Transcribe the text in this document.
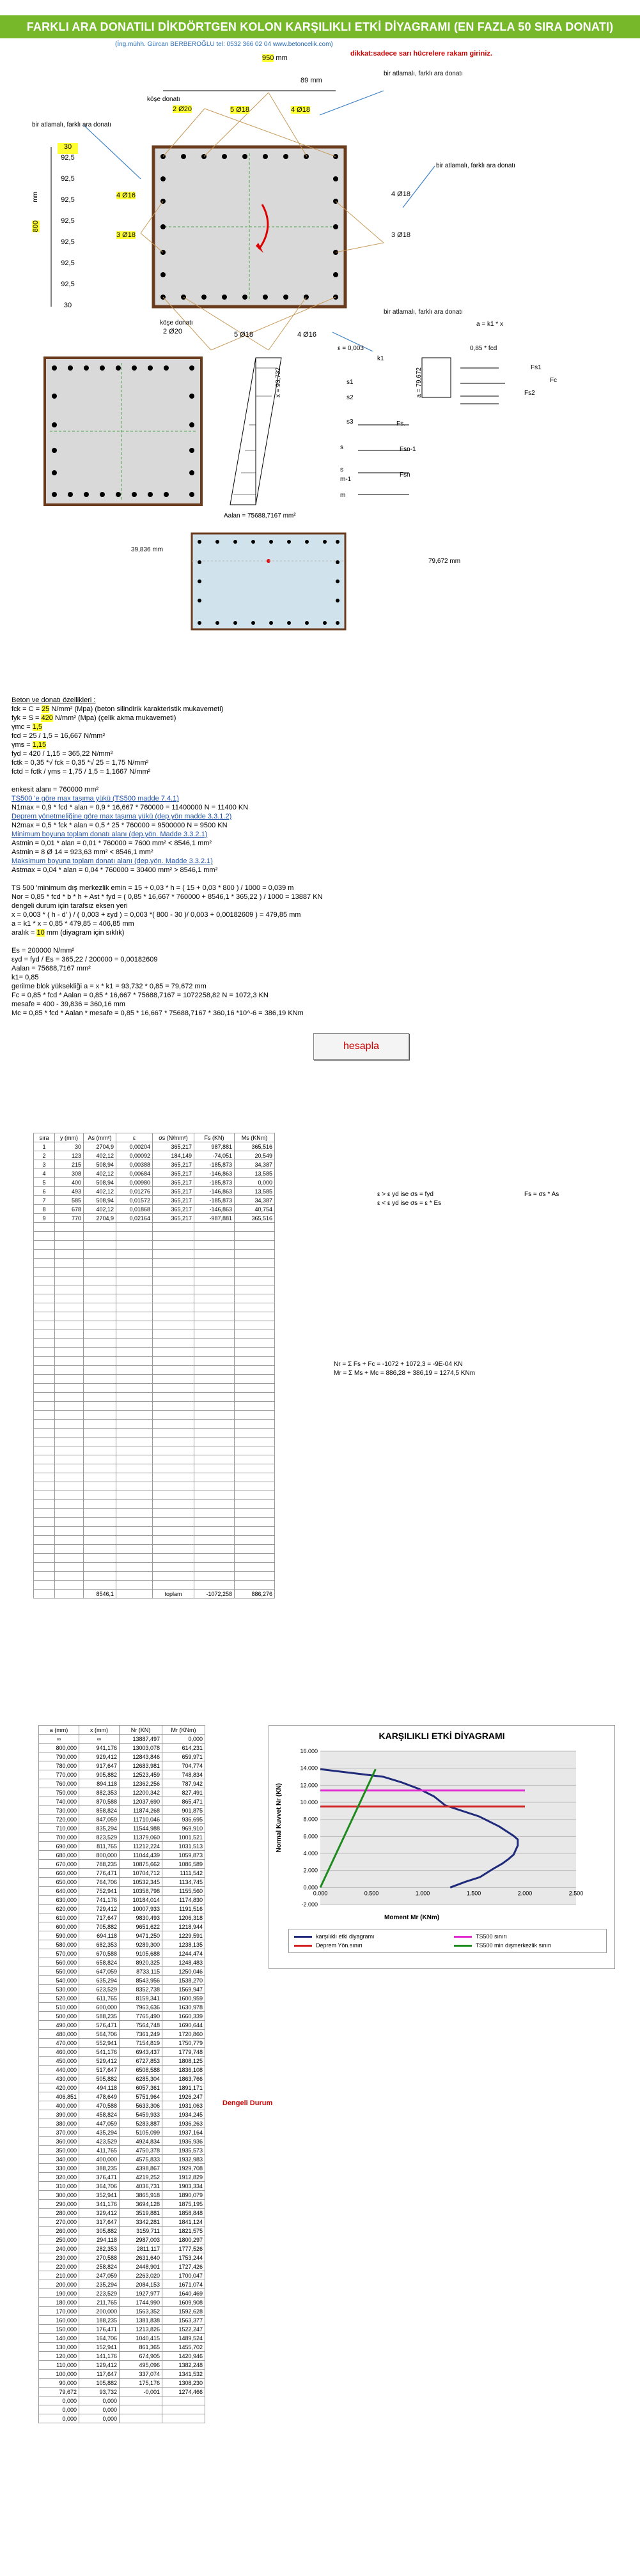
FARKLI ARA DONATILI DİKDÖRTGEN KOLON KARŞILIKLI ETKİ DİYAGRAMI (EN FAZLA 50 SIRA DONATI)
(İng.mühh. Gürcan BERBEROĞLU tel: 0532 366 02 04 www.betoncelik.com)
dikkat:sadece sarı hücrelere rakam giriniz.
950 mm
89 mm
köşe donatı
2 Ø20	5 Ø18	4 Ø18
bir atlamalı, farklı ara donatı
bir atlamalı, farklı ara donatı
bir atlamalı, farklı ara donatı
4 Ø16
3 Ø18
4 Ø18
3 Ø18
köşe donatı
2 Ø20	5 Ø18	4 Ø16
bir atlamalı, farklı ara donatı
800
mm
30
92,5
92,5
92,5
92,5
92,5
92,5
92,5
30
a = k1 * x
ε = 0,003
k1
0,85 * fcd
x = 93,732	a = 79,672
s1
s2
s3
s
s
m-1
m
Fs1
Fs2
Fs.
Fsn-1
Fsn
Fc
Aalan = 75688,7167 mm²
39,836 mm
79,672 mm
Beton ve donatı özellikleri :
fck = C = 25 N/mm² (Mpa) (beton silindirik karakteristik mukavemeti)
fyk = S = 420 N/mm² (Mpa) (çelik akma mukavemeti)
γmc = 1,5
fcd = 25 / 1,5 = 16,667 N/mm²
γms = 1,15
fyd = 420 / 1,15 = 365,22 N/mm²
fctk = 0,35 *√ fck = 0,35 *√ 25 = 1,75 N/mm²
fctd = fctk / γms = 1,75 / 1,5 = 1,1667 N/mm²
enkesit alanı = 760000 mm²
TS500 'e göre max taşıma yükü (TS500 madde 7.4.1)
N1max = 0,9 * fcd * alan = 0,9 * 16,667 * 760000 = 11400000 N = 11400 KN
Deprem yönetmeliğine göre max taşıma yükü (dep.yön madde 3.3.1.2)
N2max = 0,5 * fck * alan = 0,5 * 25 * 760000 = 9500000 N = 9500 KN
Minimum boyuna toplam donatı alanı (dep.yön. Madde 3.3.2.1)
Astmin = 0,01 * alan = 0,01 * 760000 = 7600 mm² < 8546,1 mm²
Astmin = 8 Ø 14 = 923,63 mm² < 8546,1 mm²
Maksimum boyuna toplam donatı alanı (dep.yön. Madde 3.3.2.1)
Astmax = 0,04 * alan = 0,04 * 760000 = 30400 mm² > 8546,1 mm²
TS 500 'minimum dış merkezlik emin = 15 + 0,03 * h = ( 15 + 0,03 * 800 ) / 1000 = 0,039 m
Nor = 0,85 * fcd * b * h + Ast * fyd = ( 0,85 * 16,667 * 760000 + 8546,1 * 365,22 ) / 1000 = 13887 KN
dengeli durum için tarafsız eksen yeri
x = 0,003 * ( h - d' ) / ( 0,003 + εyd ) = 0,003 *( 800 - 30 )/ 0,003 + 0,00182609 ) = 479,85 mm
a = k1 * x = 0,85 * 479,85 = 406,85 mm
aralık = 10 mm (diyagram için sıklık)
Es = 200000 N/mm²
εyd = fyd / Es = 365,22 / 200000 = 0,00182609
Aalan = 75688,7167 mm²
k1= 0,85
gerilme blok yüksekliği a = x * k1 = 93,732 * 0,85 = 79,672 mm
Fc = 0,85 * fcd * Aalan = 0,85 * 16,667 * 75688,7167 = 1072258,82 N = 1072,3 KN
mesafe = 400 - 39,836 = 360,16 mm
Mc = 0,85 * fcd * Aalan * mesafe = 0,85 * 16,667 * 75688,7167 * 360,16 *10^-6 = 386,19 KNm
hesapla
sıra	y (mm)	As (mm²)	ε	σs (N/mm²)	Fs (KN)	Ms (KNm)
1	30	2704,9	0,00204	365,217	987,881	365,516
2	123	402,12	0,00092	184,149	-74,051	20,549
3	215	508,94	0,00388	365,217	-185,873	34,387
4	308	402,12	0,00684	365,217	-146,863	13,585
5	400	508,94	0,00980	365,217	-185,873	0,000
6	493	402,12	0,01276	365,217	-146,863	13,585
7	585	508,94	0,01572	365,217	-185,873	34,387
8	678	402,12	0,01868	365,217	-146,863	40,754
9	770	2704,9	0,02164	365,217	-987,881	365,516

		8546,1		toplam	-1072,258	886,276
ε > ε yd ise σs = fyd
ε < ε yd ise σs = ε * Es
Fs = σs * As
Nr = Σ Fs + Fc = -1072 + 1072,3 = -9E-04 KN
Mr = Σ Ms + Mc = 886,28 + 386,19 = 1274,5 KNm
a (mm)	x (mm)	Nr (KN)	Mr (KNm)
∞	∞	13887,497	0,000
800,000	941,176	13003,078	614,231
790,000	929,412	12843,846	659,971
780,000	917,647	12683,981	704,774
770,000	905,882	12523,459	748,834
760,000	894,118	12362,256	787,942
750,000	882,353	12200,342	827,491
740,000	870,588	12037,690	865,471
730,000	858,824	11874,268	901,875
720,000	847,059	11710,046	936,695
710,000	835,294	11544,988	969,910
700,000	823,529	11379,060	1001,521
690,000	811,765	11212,224	1031,513
680,000	800,000	11044,439	1059,873
670,000	788,235	10875,662	1086,589
660,000	776,471	10704,712	1111,542
650,000	764,706	10532,345	1134,745
640,000	752,941	10358,798	1155,560
630,000	741,176	10184,014	1174,830
620,000	729,412	10007,933	1191,516
610,000	717,647	9830,493	1206,318
600,000	705,882	9651,622	1218,944
590,000	694,118	9471,250	1229,591
580,000	682,353	9289,300	1238,135
570,000	670,588	9105,688	1244,474
560,000	658,824	8920,325	1248,483
550,000	647,059	8733,115	1250,046
540,000	635,294	8543,956	1538,270
530,000	623,529	8352,738	1569,947
520,000	611,765	8159,341	1600,959
510,000	600,000	7963,636	1630,978
500,000	588,235	7765,490	1660,339
490,000	576,471	7564,748	1690,644
480,000	564,706	7361,249	1720,860
470,000	552,941	7154,819	1750,779
460,000	541,176	6943,437	1779,748
450,000	529,412	6727,853	1808,125
440,000	517,647	6508,588	1836,108
430,000	505,882	6285,304	1863,766
420,000	494,118	6057,361	1891,171
406,851	478,649	5751,964	1926,247
400,000	470,588	5633,306	1931,063
390,000	458,824	5459,933	1934,245
380,000	447,059	5283,887	1936,263
370,000	435,294	5105,099	1937,164
360,000	423,529	4924,834	1936,936
350,000	411,765	4750,378	1935,573
340,000	400,000	4575,833	1932,983
330,000	388,235	4398,867	1929,708
320,000	376,471	4219,252	1912,829
310,000	364,706	4036,731	1903,334
300,000	352,941	3865,918	1890,079
290,000	341,176	3694,128	1875,195
280,000	329,412	3519,881	1858,848
270,000	317,647	3342,281	1841,124
260,000	305,882	3159,711	1821,575
250,000	294,118	2987,003	1800,297
240,000	282,353	2811,117	1777,526
230,000	270,588	2631,640	1753,244
220,000	258,824	2448,901	1727,426
210,000	247,059	2263,020	1700,047
200,000	235,294	2084,153	1671,074
190,000	223,529	1927,977	1640,469
180,000	211,765	1744,990	1609,908
170,000	200,000	1563,352	1592,628
160,000	188,235	1381,838	1563,377
150,000	176,471	1213,826	1522,247
140,000	164,706	1040,415	1489,524
130,000	152,941	861,365	1455,702
120,000	141,176	674,905	1420,946
110,000	129,412	495,096	1382,248
100,000	117,647	337,074	1341,532
90,000	105,882	175,176	1308,230
79,672	93,732	-0,001	1274,466
0,000	0,000		
0,000	0,000		
0,000	0,000		
Dengeli Durum
KARŞILIKLI ETKİ DİYAGRAMI
-2.000
0.000
2.000
4.000
6.000
8.000
10.000
12.000
14.000
16.000
0.000	0.500	1.000	1.500	2.000	2.500
Normal Kuvvet Nr (KN)
Moment Mr (KNm)
karşılıklı etki diyagramı	TS500 sınırı
Deprem Yön.sınırı	TS500 min dışmerkezlik sınırı
